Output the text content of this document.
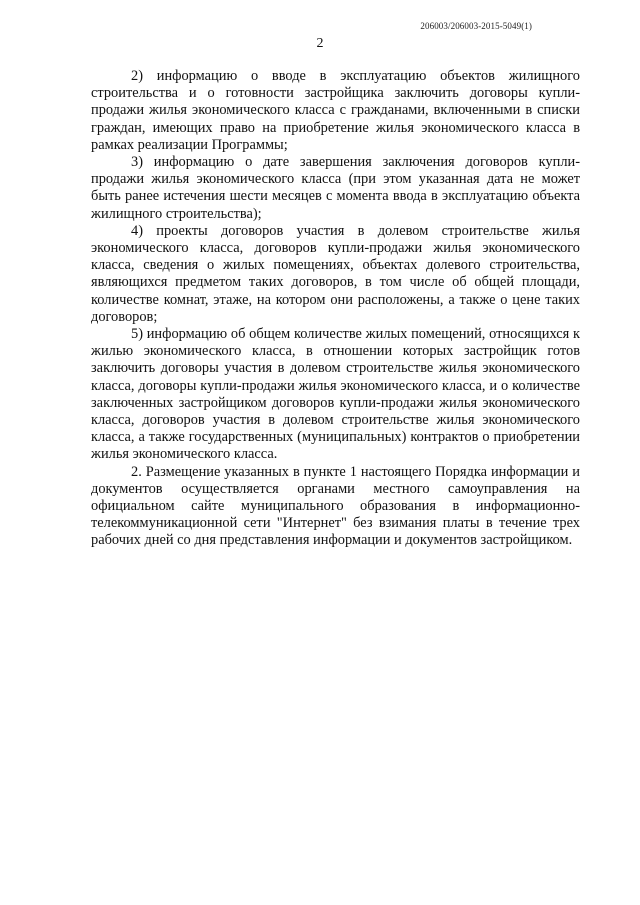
206003/206003-2015-5049(1)
2

2) информацию о вводе в эксплуатацию объектов жилищного строительства и о готовности застройщика заключить договоры купли-продажи жилья экономического класса с гражданами, включенными в списки граждан, имеющих право на приобретение жилья экономического класса в рамках реализации Программы;

3) информацию о дате завершения заключения договоров купли-продажи жилья экономического класса (при этом указанная дата не может быть ранее истечения шести месяцев с момента ввода в эксплуатацию объекта жилищного строительства);

4) проекты договоров участия в долевом строительстве жилья экономического класса, договоров купли-продажи жилья экономического класса, сведения о жилых помещениях, объектах долевого строительства, являющихся предметом таких договоров, в том числе об общей площади, количестве комнат, этаже, на котором они расположены, а также о цене таких договоров;

5) информацию об общем количестве жилых помещений, относящихся к жилью экономического класса, в отношении которых застройщик готов заключить договоры участия в долевом строительстве жилья экономического класса, договоры купли-продажи жилья экономического класса, и о количестве заключенных застройщиком договоров купли-продажи жилья экономического класса, договоров участия в долевом строительстве жилья экономического класса, а также государственных (муниципальных) контрактов о приобретении жилья экономического класса.

2. Размещение указанных в пункте 1 настоящего Порядка информации и документов осуществляется органами местного самоуправления на официальном сайте муниципального образования в информационно-телекоммуникационной сети "Интернет" без взимания платы в течение трех рабочих дней со дня представления информации и документов застройщиком.
